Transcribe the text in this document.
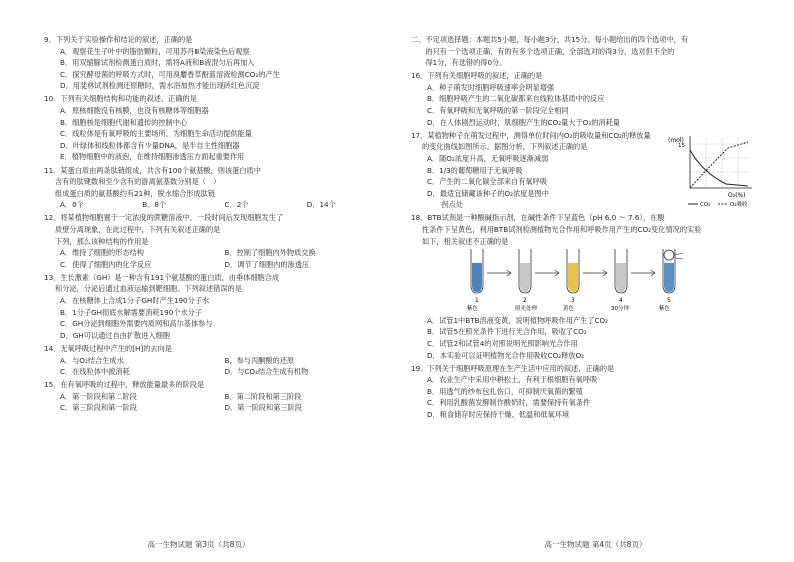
9．下列关于实验操作和结论的叙述，正确的是

A．观察花生子叶中的脂肪颗粒，可用苏丹Ⅲ染液染色后观察

B．用双缩脲试剂检测蛋白质时，需将A液和B液混匀后再加入

C．探究酵母菌的呼吸方式时，可用溴麝香草酚蓝溶液检测CO₂的产生

D．用斐林试剂检测还原糖时，需水浴加热才能出现砖红色沉淀

10．下列有关细胞结构和功能的叙述，正确的是

A．原核细胞没有核膜，也没有核糖体等细胞器

B．细胞核是细胞代谢和遗传的控制中心

C．线粒体是有氧呼吸的主要场所，为细胞生命活动提供能量

D．叶绿体和线粒体都含有少量DNA，是半自主性细胞器

E．植物细胞中的液泡，在维持细胞渗透压方面起重要作用

11．某蛋白质由两条肽链组成，共含有100个氨基酸，则该蛋白质中

含有的肽键数和至少含有的游离氨基数分别是（　）

组成蛋白质的氨基酸约有21种，脱水缩合形成肽链

A．0个	B．8个	C．2个	D．14个

12．将某植物细胞置于一定浓度的蔗糖溶液中，一段时间后发现细胞发生了

质壁分离现象，在此过程中，下列有关叙述正确的是

下列，那么该种结构的作用是

A．维持了细胞的形态结构	B．控制了细胞内外物质交换

C．使得了细胞内的化学反应	D．调节了细胞内的渗透压

13．生长激素（GH）是一种含有191个氨基酸的蛋白质，由垂体细胞合成

和分泌，分泌后通过血液运输到靶细胞。下列叙述错误的是

A．在核糖体上合成1分子GH时产生190分子水

B．1分子GH彻底水解需要消耗190个水分子

C．GH分泌到细胞外需要内质网和高尔基体参与

D．GH可以通过自由扩散进入细胞

14．无氧呼吸过程中产生的[H]的去向是

A．与O₂结合生成水	B．参与丙酮酸的还原

C．在线粒体中被消耗	D．与CO₂结合生成有机物

15．在有氧呼吸的过程中，释放能量最多的阶段是

A．第一阶段和第二阶段	B．第二阶段和第三阶段

C．第三阶段和第一阶段	D．第一阶段和第三阶段

高一生物试题 第3页（共8页）

二、不定项选择题：本题共5小题，每小题3分，共15分。每小题给出的四个选项中，有

　　的只有一个选项正确，有的有多个选项正确，全部选对的得3分，选对但不全的

　　得1分，有选错的得0分。

16．下列有关细胞呼吸的叙述，正确的是

A．种子萌发时细胞呼吸速率会明显增强

B．细胞呼吸产生的二氧化碳都来自线粒体基质中的反应

C．有氧呼吸和无氧呼吸的第一阶段完全相同

D．在人体剧烈运动时，肌细胞产生的CO₂量大于O₂的消耗量

17．某植物种子在萌发过程中，测得单位时间内O₂的吸收量和CO₂的释放量

的变化曲线如图所示。据图分析，下列叙述正确的是

A．随O₂浓度升高，无氧呼吸逐渐减弱

B．1/3的葡萄糖用于无氧呼吸

C．产生的二氧化碳全部来自有氧呼吸

D．最适宜储藏该种子的O₂浓度是图中

　　拐点处

(mol)
15
O₂(%)
CO₂	O₂吸收

18．BTB试剂是一种酸碱指示剂，在碱性条件下呈蓝色（pH 6.0 ～ 7.6），在酸

性条件下呈黄色，利用BTB试剂检测植物光合作用和呼吸作用产生的CO₂变化情况的实验

如下，相关叙述不正确的是

1
紫色
2
照光处理
3
黄色
4
30分钟
5
紫色

A．试管1中BTB溶液变黄，说明植物呼吸作用产生了CO₂

B．试管5在照光条件下进行光合作用，吸收了CO₂

C．试管2和试管4的对照说明光照影响光合作用

D．本实验可以证明植物光合作用吸收CO₂释放O₂

19．下列关于细胞呼吸原理在生产生活中应用的叙述，正确的是

A．农业生产中采用中耕松土，有利于根细胞有氧呼吸

B．用透气的纱布包扎伤口，可抑制厌氧菌的繁殖

C．利用乳酸菌发酵制作酸奶时，需要保持有氧条件

D．粮食储存时应保持干燥、低温和低氧环境

高一生物试题 第4页（共8页）
